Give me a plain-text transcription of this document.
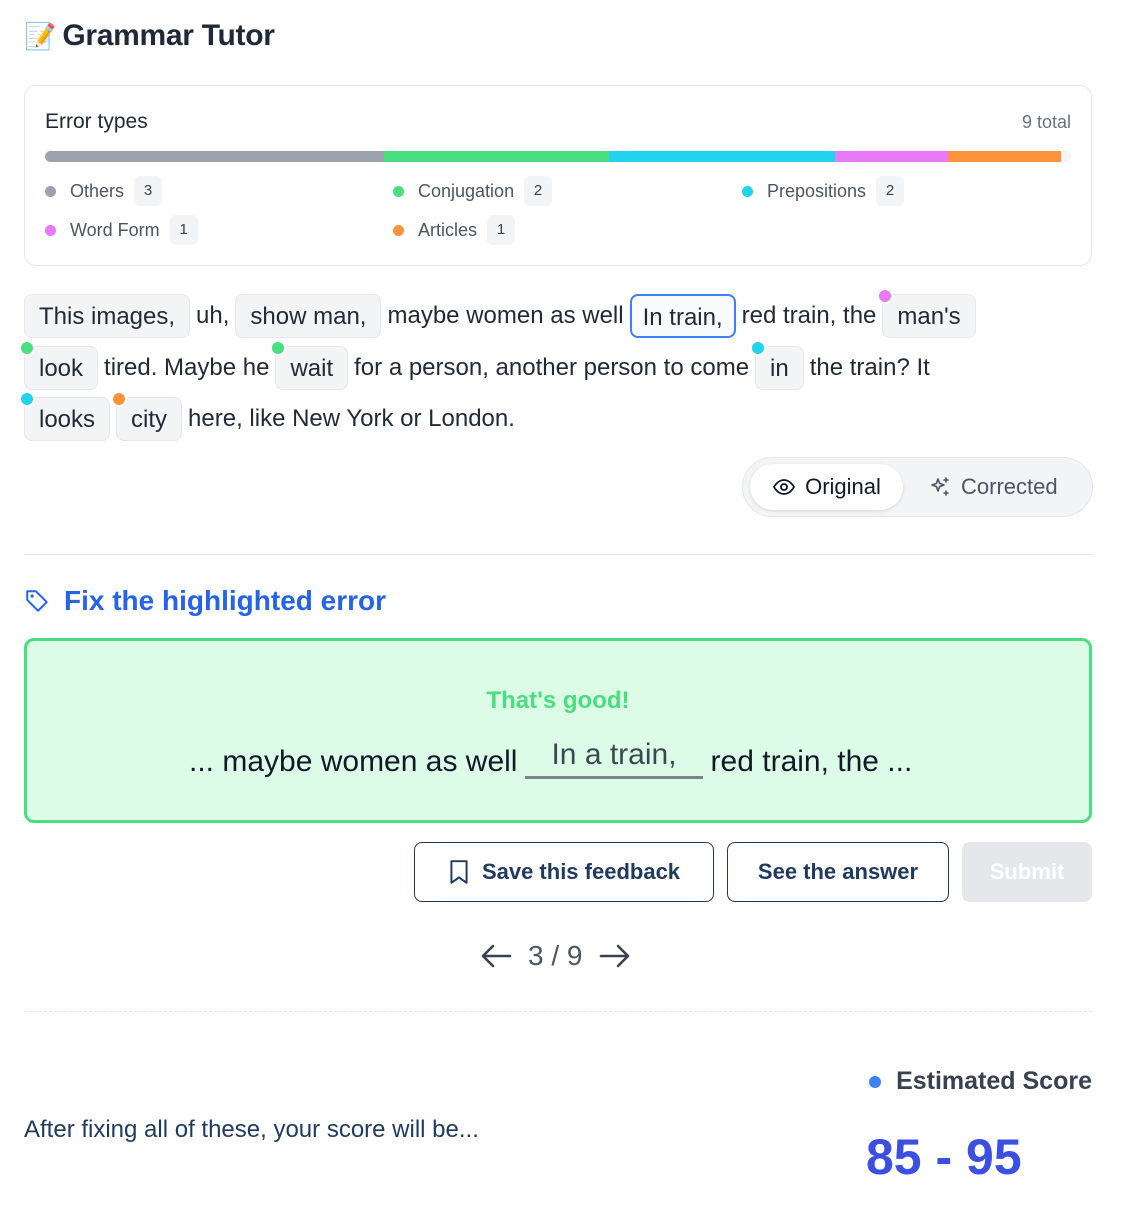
📝 Grammar Tutor
Error types	9 total
Others	3	Conjugation	2	Prepositions	2
Word Form	1	Articles	1
This images, uh, show man, maybe women as well In train, red train, the man's
look tired. Maybe he wait for a person, another person to come in the train? It
looks	city here, like New York or London.
Original	Corrected
Fix the highlighted error
That's good!
... maybe women as well	In a train,	red train, the ...
Save this feedback	See the answer	Submit
3 / 9
After fixing all of these, your score will be...
Estimated Score
85 - 95
